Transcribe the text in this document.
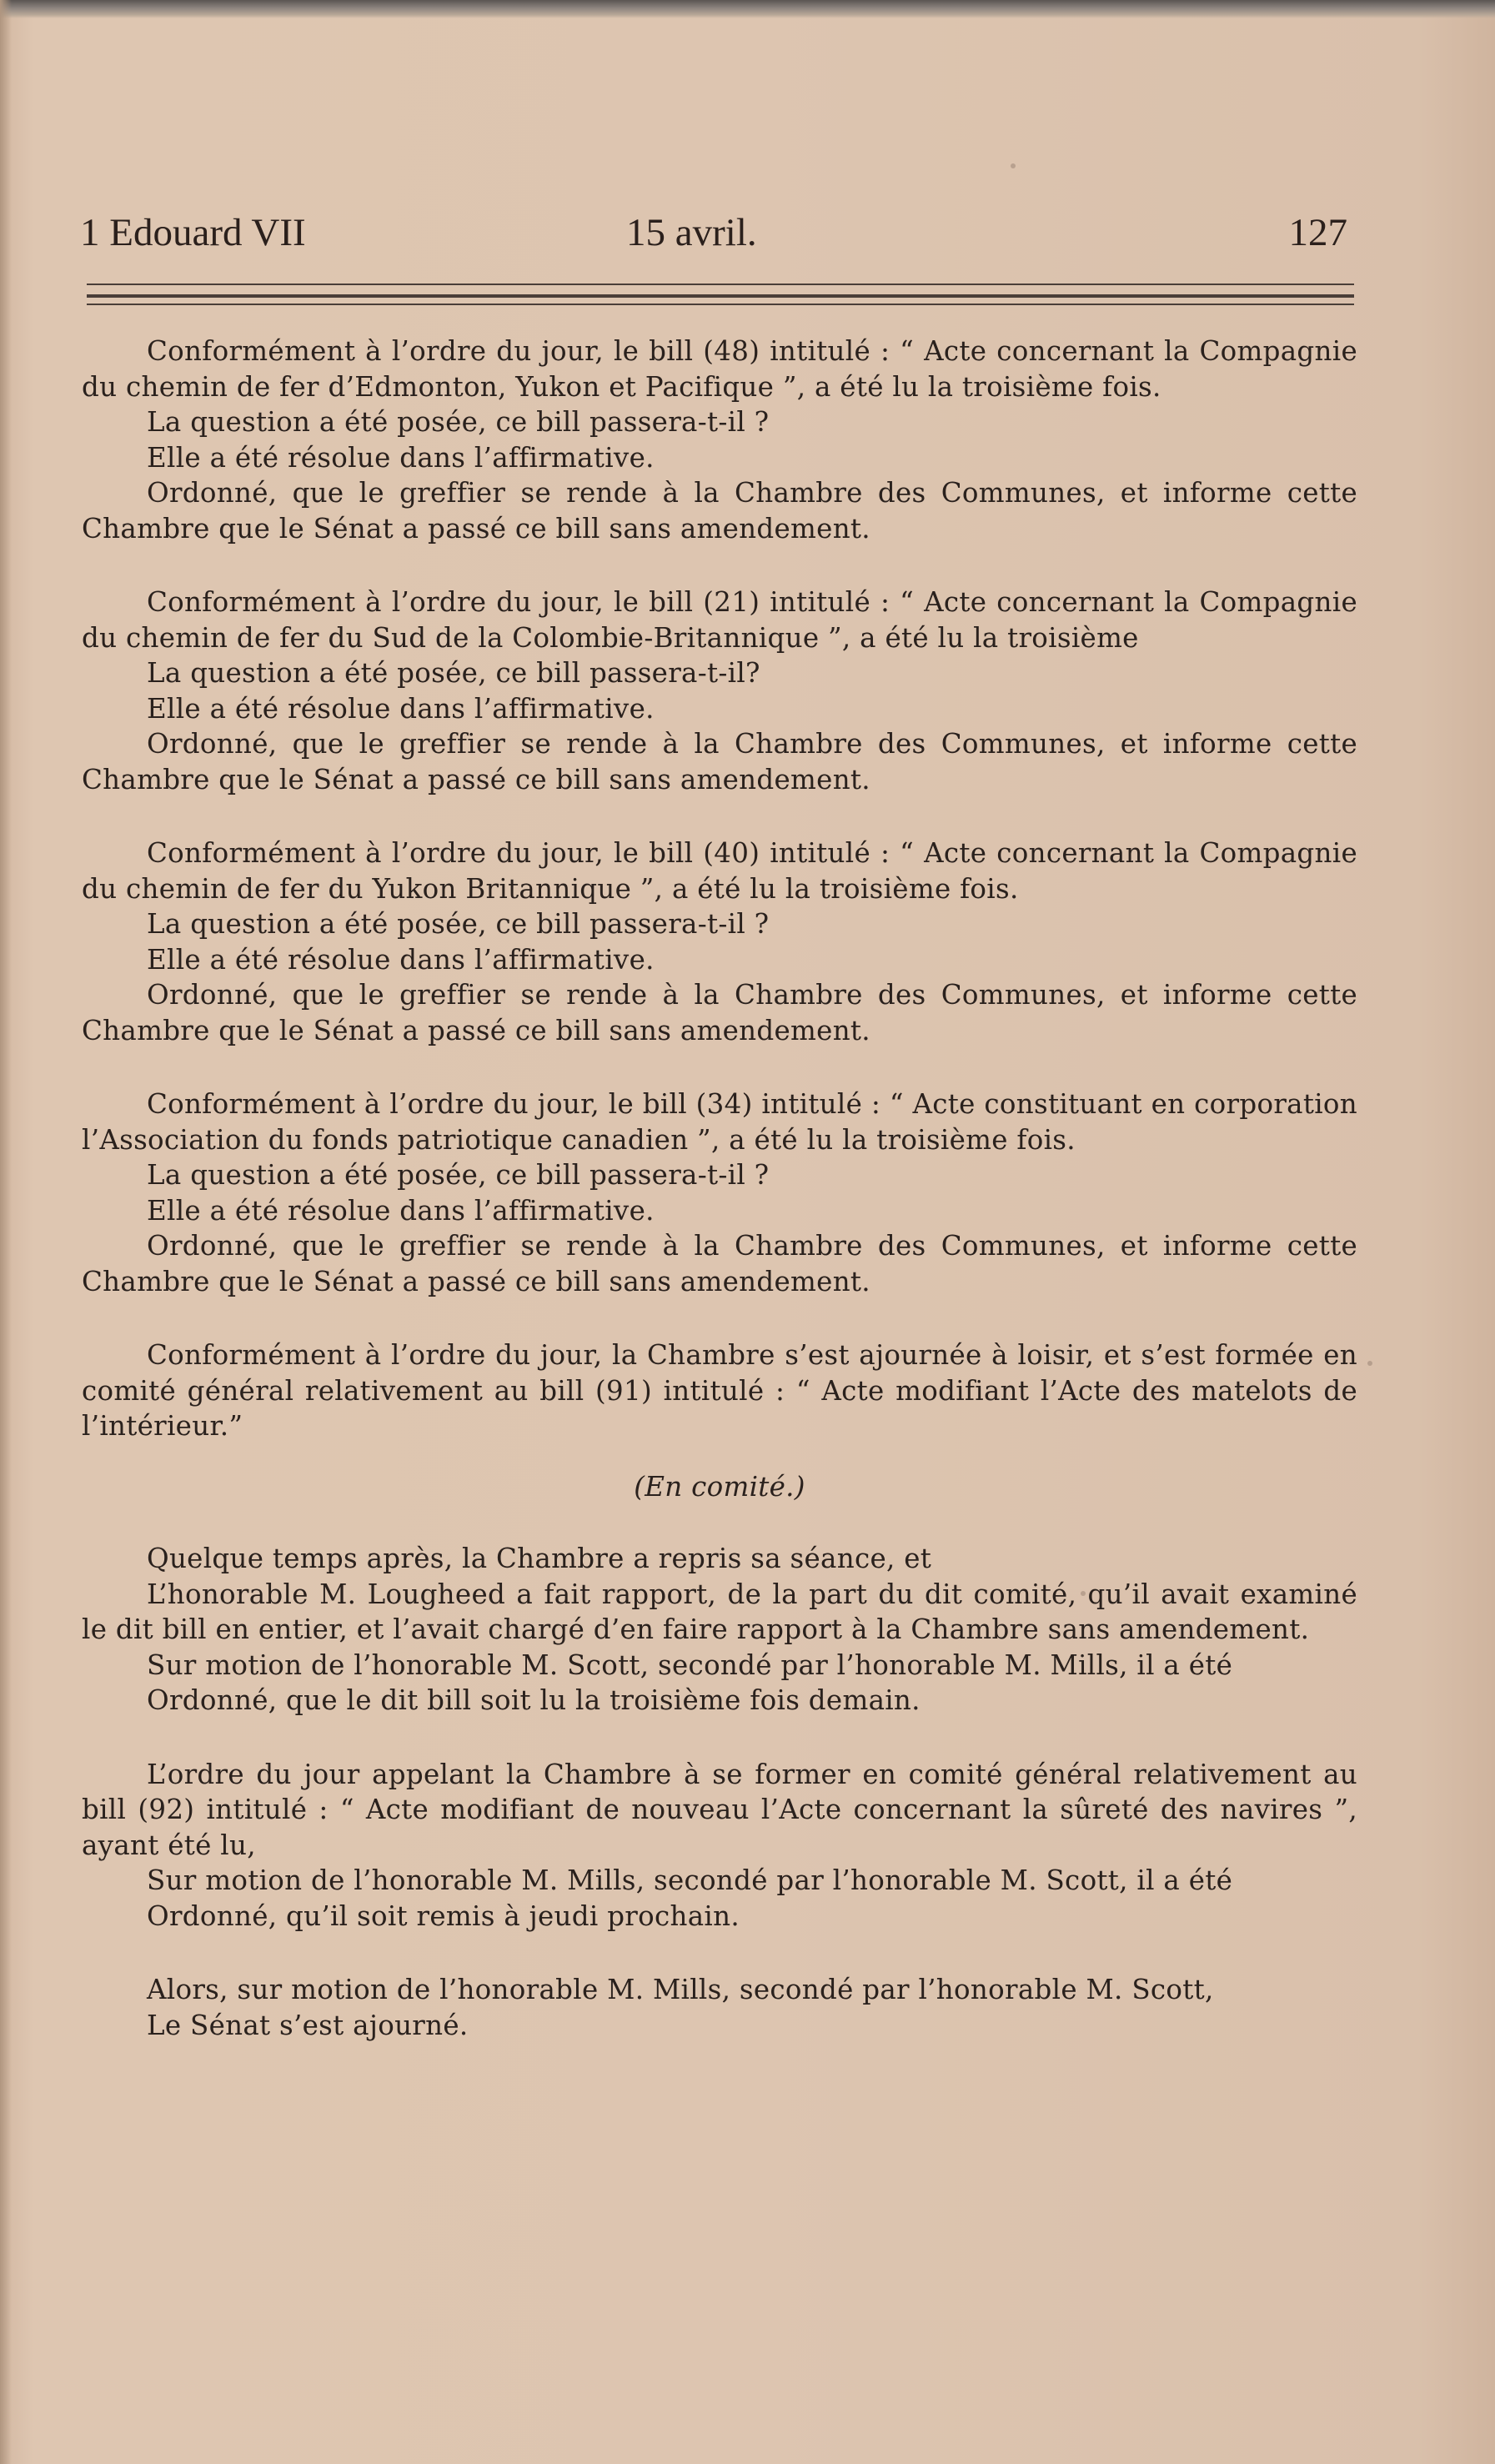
1 Edouard VII	15 avril.	127

Conformément à l’ordre du jour, le bill (48) intitulé : “ Acte concernant la Compagnie du chemin de fer d’Edmonton, Yukon et Pacifique ”, a été lu la troisième fois.

La question a été posée, ce bill passera-t-il ?

Elle a été résolue dans l’affirmative.

Ordonné, que le greffier se rende à la Chambre des Communes, et informe cette Chambre que le Sénat a passé ce bill sans amendement.

Conformément à l’ordre du jour, le bill (21) intitulé : “ Acte concernant la Compagnie du chemin de fer du Sud de la Colombie-Britannique ”, a été lu la troisième

La question a été posée, ce bill passera-t-il?

Elle a été résolue dans l’affirmative.

Ordonné, que le greffier se rende à la Chambre des Communes, et informe cette Chambre que le Sénat a passé ce bill sans amendement.

Conformément à l’ordre du jour, le bill (40) intitulé : “ Acte concernant la Compagnie du chemin de fer du Yukon Britannique ”, a été lu la troisième fois.

La question a été posée, ce bill passera-t-il ?

Elle a été résolue dans l’affirmative.

Ordonné, que le greffier se rende à la Chambre des Communes, et informe cette Chambre que le Sénat a passé ce bill sans amendement.

Conformément à l’ordre du jour, le bill (34) intitulé : “ Acte constituant en corporation l’Association du fonds patriotique canadien ”, a été lu la troisième fois.

La question a été posée, ce bill passera-t-il ?

Elle a été résolue dans l’affirmative.

Ordonné, que le greffier se rende à la Chambre des Communes, et informe cette Chambre que le Sénat a passé ce bill sans amendement.

Conformément à l’ordre du jour, la Chambre s’est ajournée à loisir, et s’est formée en comité général relativement au bill (91) intitulé : “ Acte modifiant l’Acte des matelots de l’intérieur.”

(En comité.)

Quelque temps après, la Chambre a repris sa séance, et

L’honorable M. Lougheed a fait rapport, de la part du dit comité, qu’il avait examiné le dit bill en entier, et l’avait chargé d’en faire rapport à la Chambre sans amendement.

Sur motion de l’honorable M. Scott, secondé par l’honorable M. Mills, il a été

Ordonné, que le dit bill soit lu la troisième fois demain.

L’ordre du jour appelant la Chambre à se former en comité général relativement au bill (92) intitulé : “ Acte modifiant de nouveau l’Acte concernant la sûreté des navires ”, ayant été lu,

Sur motion de l’honorable M. Mills, secondé par l’honorable M. Scott, il a été

Ordonné, qu’il soit remis à jeudi prochain.

Alors, sur motion de l’honorable M. Mills, secondé par l’honorable M. Scott,

Le Sénat s’est ajourné.
